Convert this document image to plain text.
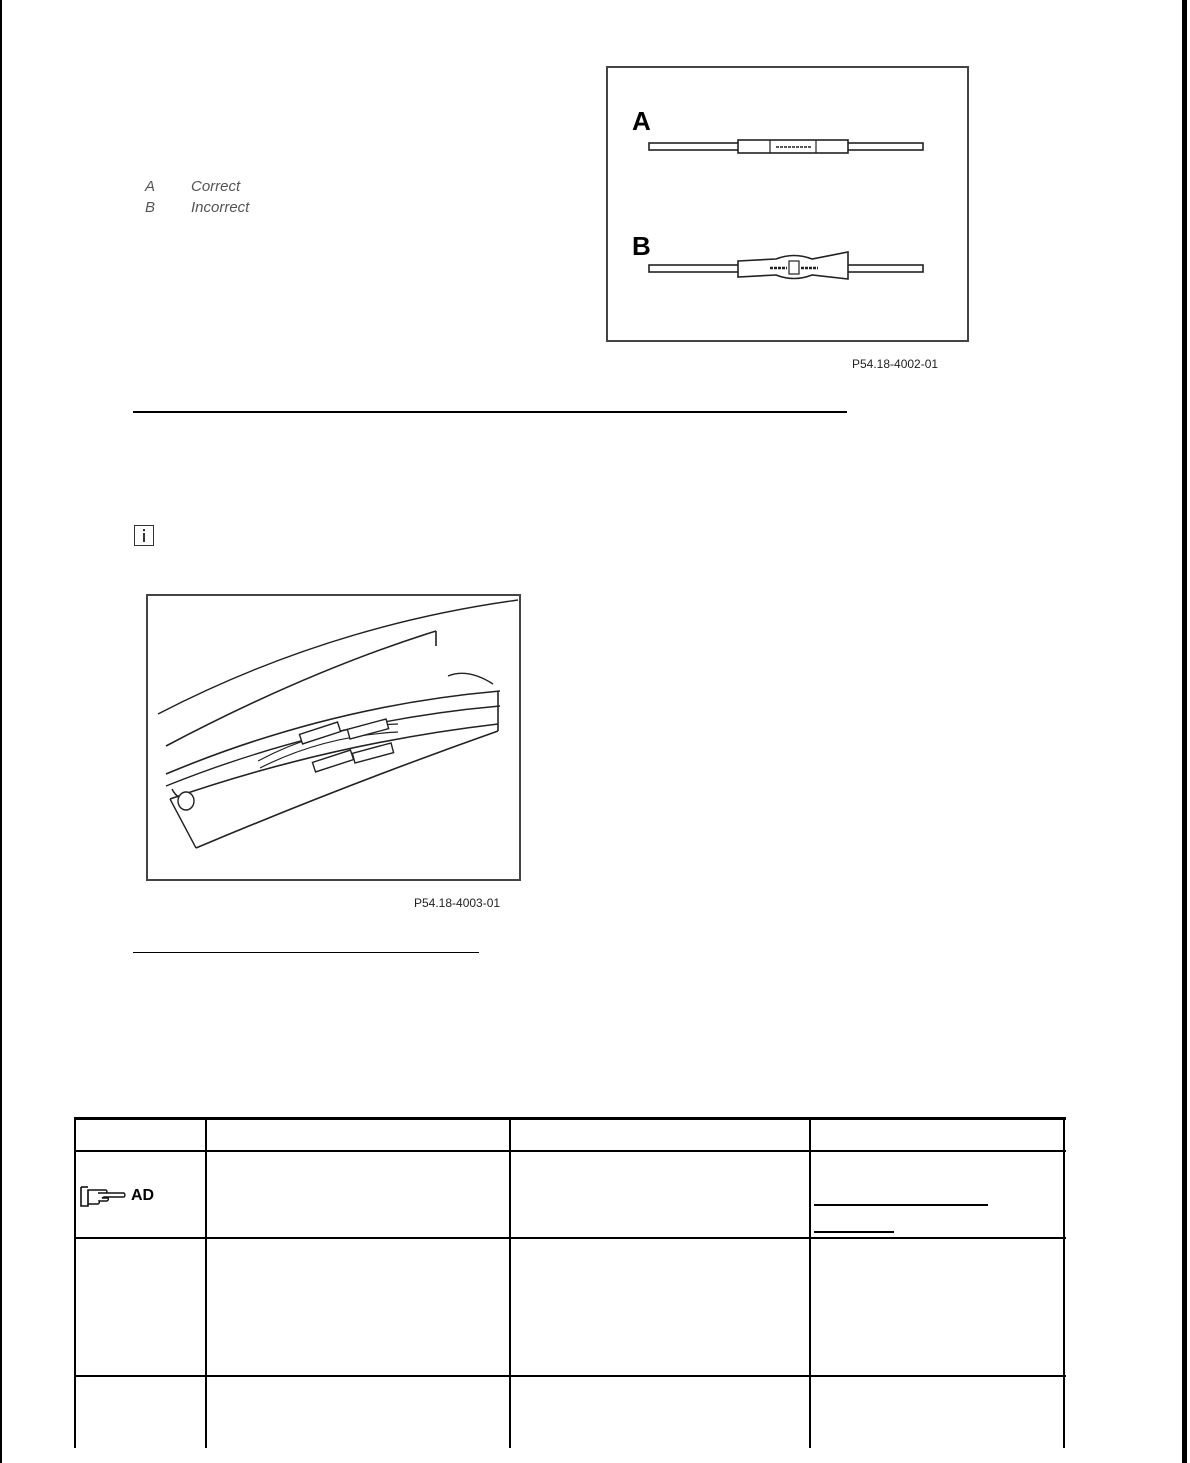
A	Correct
B	Incorrect
A
B
P54.18-4002-01
P54.18-4003-01
AD
